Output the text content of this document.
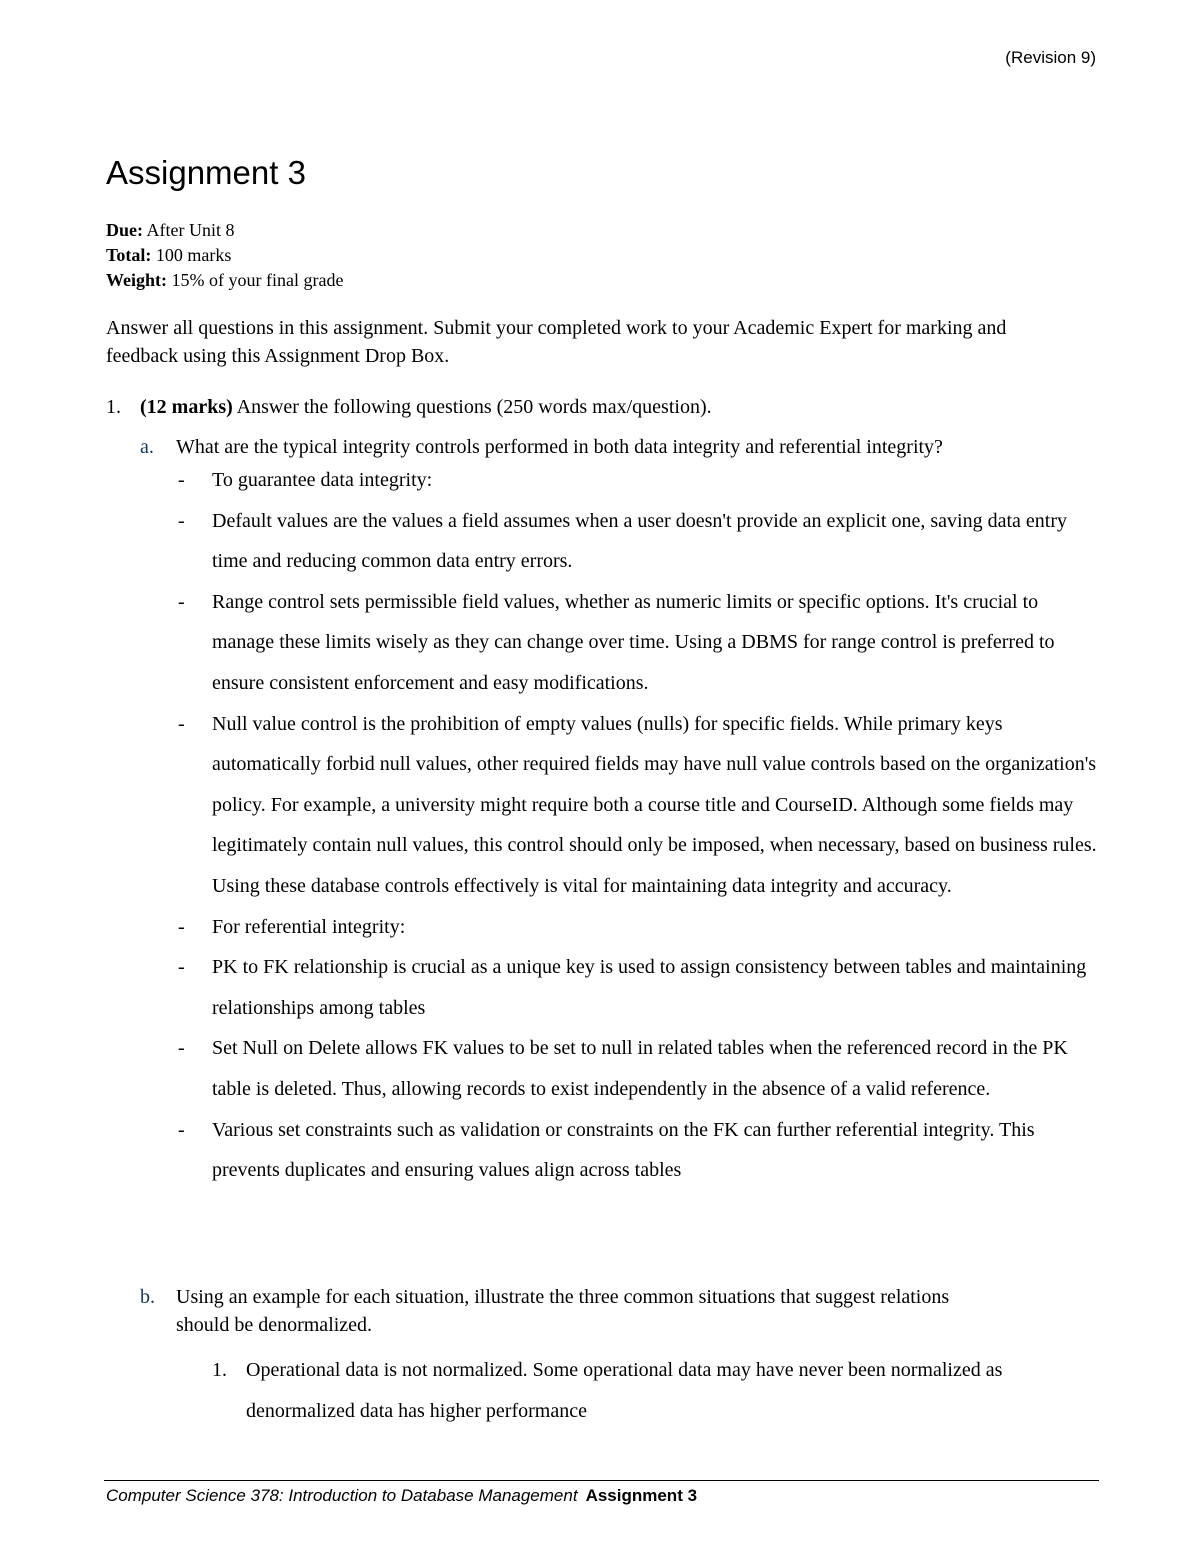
(Revision 9)
Assignment 3
Due: After Unit 8
Total: 100 marks
Weight: 15% of your final grade

Answer all questions in this assignment. Submit your completed work to your Academic Expert for marking and feedback using this Assignment Drop Box.

1. (12 marks) Answer the following questions (250 words max/question).
a. What are the typical integrity controls performed in both data integrity and referential integrity?
- To guarantee data integrity:
- Default values are the values a field assumes when a user doesn't provide an explicit one, saving data entry time and reducing common data entry errors.
- Range control sets permissible field values, whether as numeric limits or specific options. It's crucial to manage these limits wisely as they can change over time. Using a DBMS for range control is preferred to ensure consistent enforcement and easy modifications.
- Null value control is the prohibition of empty values (nulls) for specific fields. While primary keys automatically forbid null values, other required fields may have null value controls based on the organization's policy. For example, a university might require both a course title and CourseID. Although some fields may legitimately contain null values, this control should only be imposed, when necessary, based on business rules. Using these database controls effectively is vital for maintaining data integrity and accuracy.
- For referential integrity:
- PK to FK relationship is crucial as a unique key is used to assign consistency between tables and maintaining relationships among tables
- Set Null on Delete allows FK values to be set to null in related tables when the referenced record in the PK table is deleted. Thus, allowing records to exist independently in the absence of a valid reference.
- Various set constraints such as validation or constraints on the FK can further referential integrity. This prevents duplicates and ensuring values align across tables
b. Using an example for each situation, illustrate the three common situations that suggest relations
should be denormalized.
1. Operational data is not normalized. Some operational data may have never been normalized as denormalized data has higher performance
Computer Science 378: Introduction to Database Management Assignment 3
